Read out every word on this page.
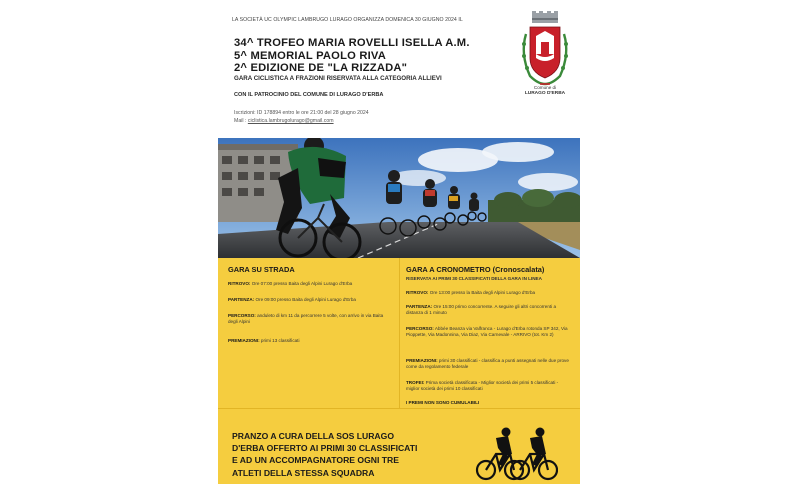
LA SOCIETÀ UC OLYMPIC LAMBRUGO LURAGO ORGANIZZA DOMENICA 30 GIUGNO 2024 IL
34^ TROFEO MARIA ROVELLI ISELLA A.M.
5^ MEMORIAL PAOLO RIVA
2^ EDIZIONE DE "LA RIZZADA"
GARA CICLISTICA A FRAZIONI RISERVATA ALLA CATEGORIA ALLIEVI
CON IL PATROCINIO DEL COMUNE DI LURAGO D'ERBA
Iscrizioni: ID 178894 entro le ore 21:00 del 28 giugno 2024
Mail : ciclistica.lambrugolurago@gmail.com
Comune di
LURAGO D'ERBA
GARA SU STRADA
RITROVO: Ore 07:00 presso Baita degli Alpini Lurago d'Erba
PARTENZA: Ore 09:00 presso Baita degli Alpini Lurago d'Erba
PERCORSO: anduleto di km 11 da percorrere 5 volte, con arrivo in via Baita degli Alpini
PREMIAZIONI: primi 13 classificati
GARA A CRONOMETRO (Cronoscalata)
RISERVATA AI PRIMI 30 CLASSIFICATI DELLA GARA IN LINEA
RITROVO: Ore 13:00 presso la Baita degli Alpini Lurago d'Erba
PARTENZA: Ore 15:00 primo concorrente. A seguire gli altri concorrenti a distanza di 1 minuto
PERCORSO: Abbée Beanza via Valfranca - Lurago d'Erba rotonda SP 342, Via Pioppette, Via Madonnina, Via Diaz, Via Carnevale - ARRIVO (tot. Km 2)
PREMIAZIONI: primi 30 classificati - classifica a punti assegnati nelle due prove come da regolamento federale
TROFEI: Prima società classificata - Miglior società dei primi 5 classificati - miglior società dei primi 10 classificati
I PREMI NON SONO CUMULABILI
PRANZO A CURA DELLA SOS LURAGO
D'ERBA OFFERTO AI PRIMI 30 CLASSIFICATI
E AD UN ACCOMPAGNATORE OGNI TRE
ATLETI DELLA STESSA SQUADRA
